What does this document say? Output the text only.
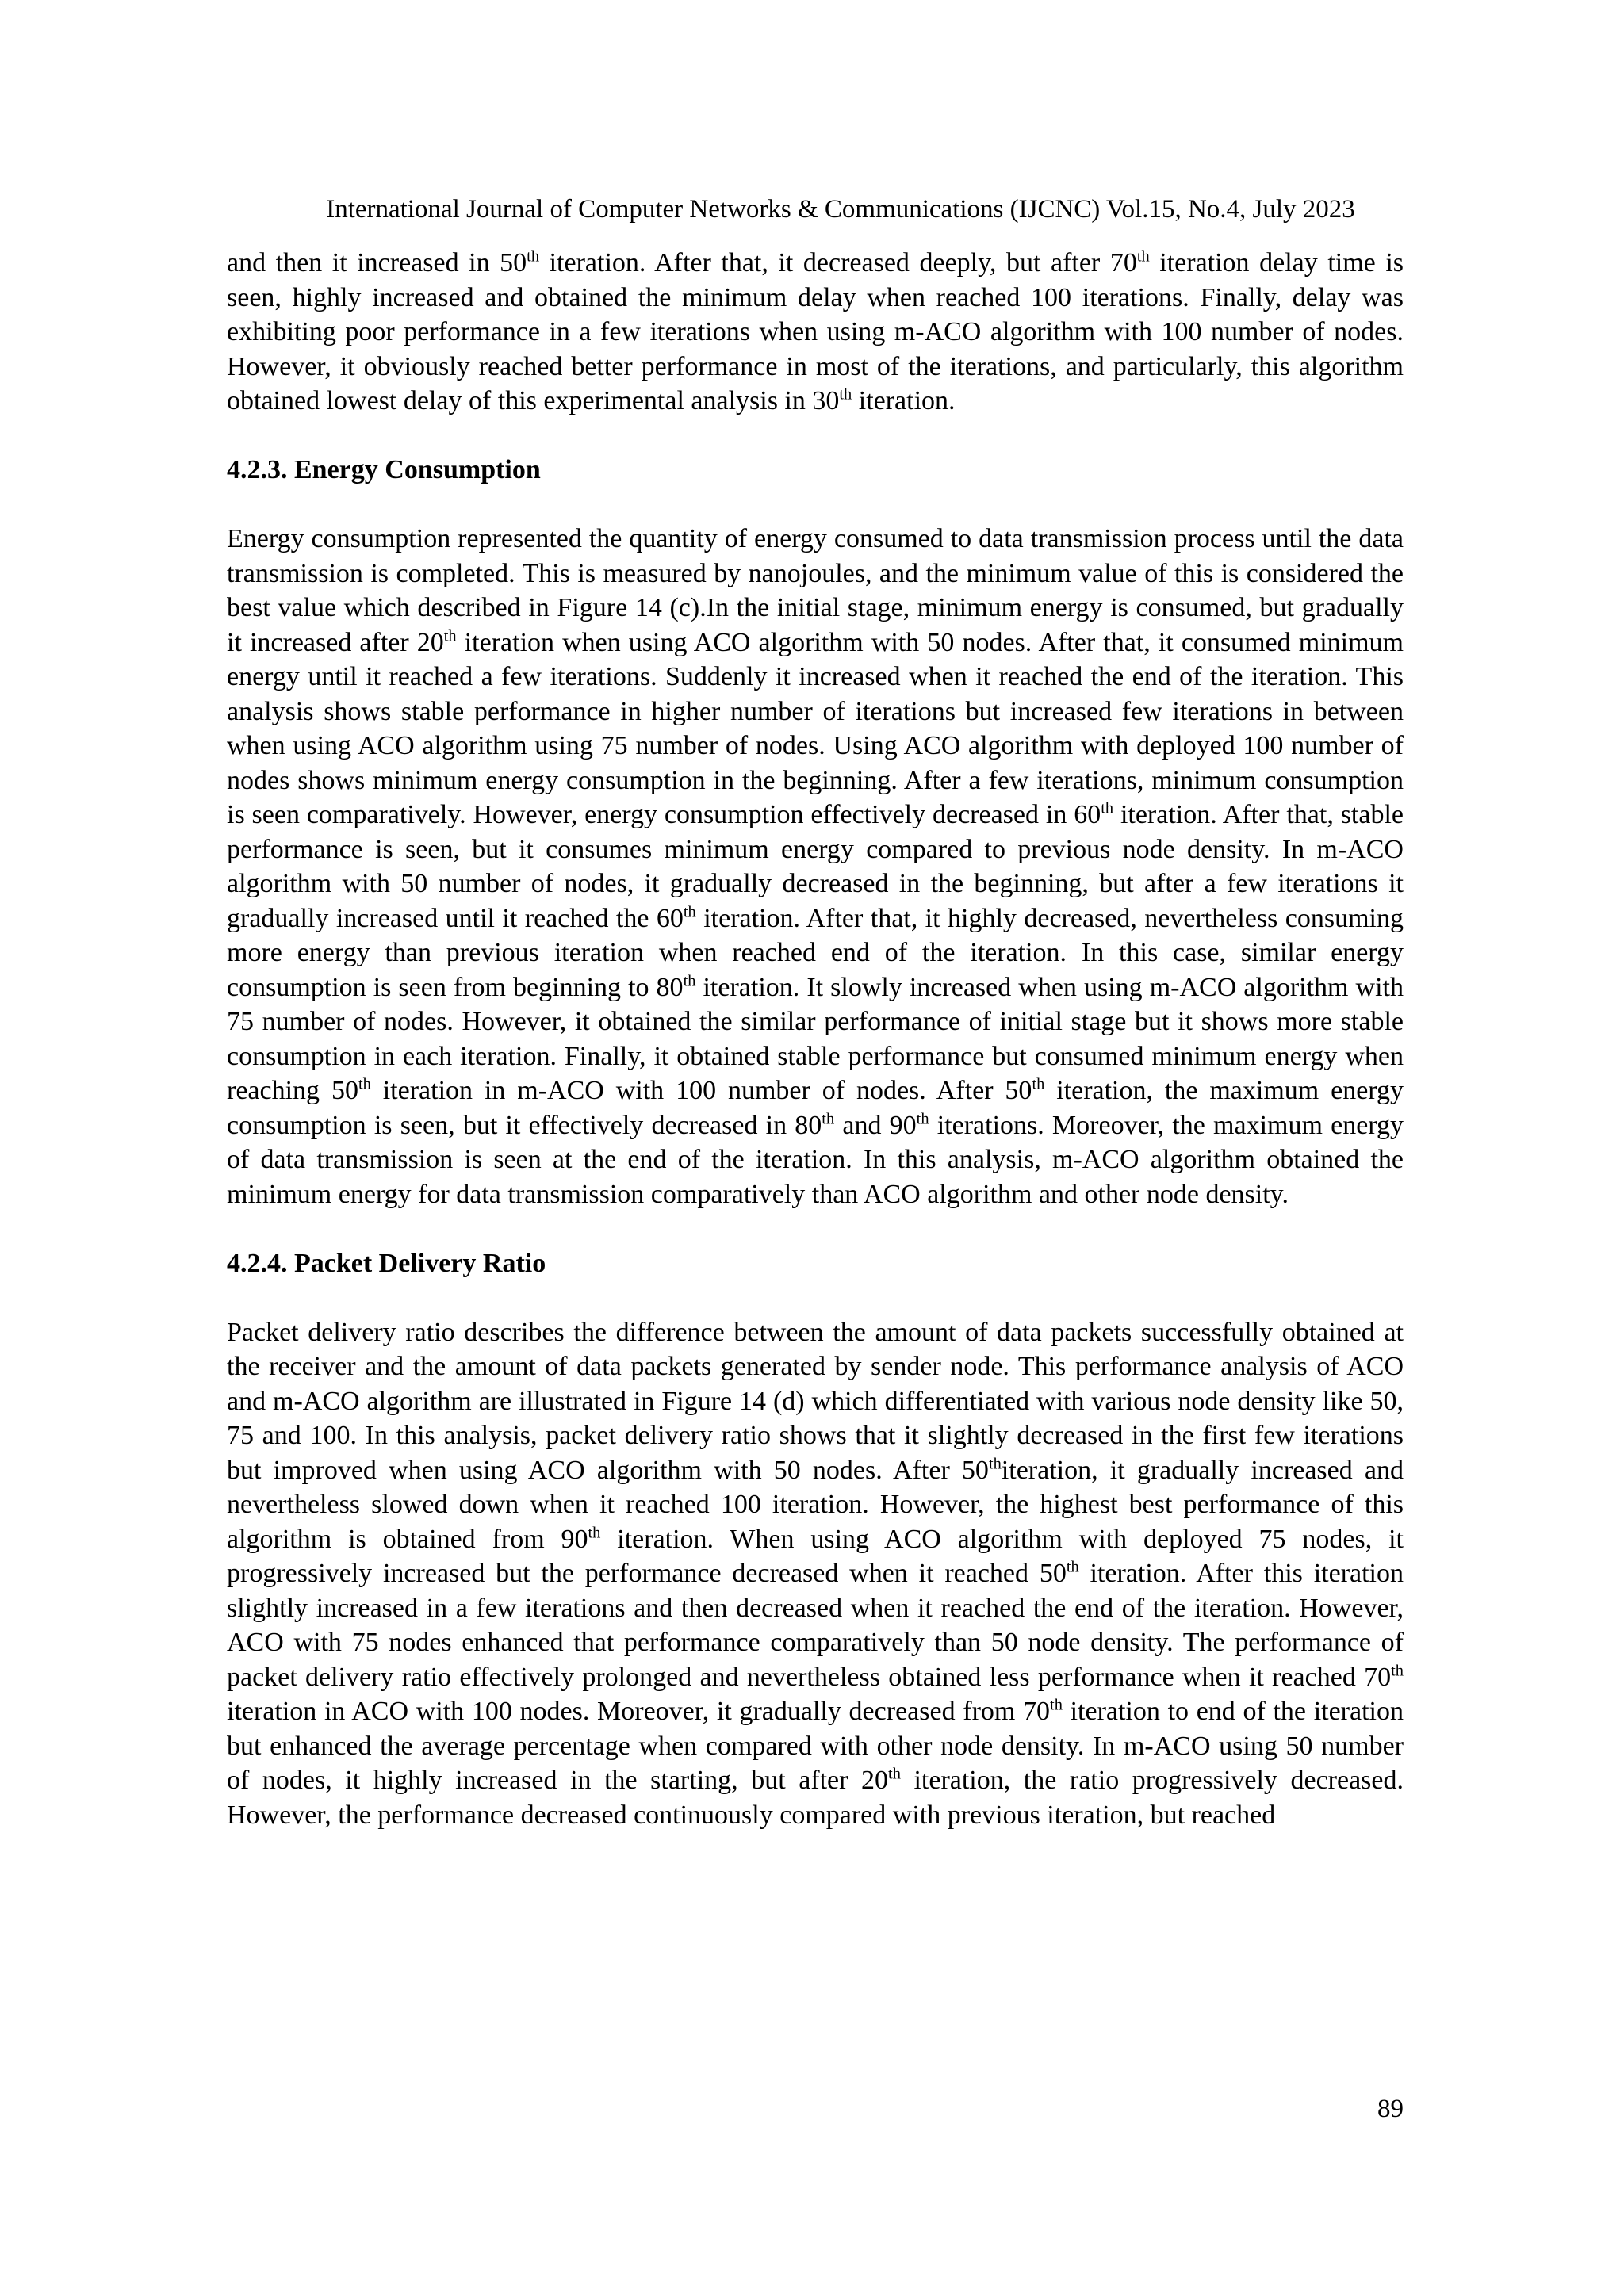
International Journal of Computer Networks & Communications (IJCNC) Vol.15, No.4, July 2023

and then it increased in 50th iteration. After that, it decreased deeply, but after 70th iteration delay time is seen, highly increased and obtained the minimum delay when reached 100 iterations. Finally, delay was exhibiting poor performance in a few iterations when using m-ACO algorithm with 100 number of nodes. However, it obviously reached better performance in most of the iterations, and particularly, this algorithm obtained lowest delay of this experimental analysis in 30th iteration.

4.2.3. Energy Consumption

Energy consumption represented the quantity of energy consumed to data transmission process until the data transmission is completed. This is measured by nanojoules, and the minimum value of this is considered the best value which described in Figure 14 (c).In the initial stage, minimum energy is consumed, but gradually it increased after 20th iteration when using ACO algorithm with 50 nodes. After that, it consumed minimum energy until it reached a few iterations. Suddenly it increased when it reached the end of the iteration. This analysis shows stable performance in higher number of iterations but increased few iterations in between when using ACO algorithm using 75 number of nodes. Using ACO algorithm with deployed 100 number of nodes shows minimum energy consumption in the beginning. After a few iterations, minimum consumption is seen comparatively. However, energy consumption effectively decreased in 60th iteration. After that, stable performance is seen, but it consumes minimum energy compared to previous node density. In m-ACO algorithm with 50 number of nodes, it gradually decreased in the beginning, but after a few iterations it gradually increased until it reached the 60th iteration. After that, it highly decreased, nevertheless consuming more energy than previous iteration when reached end of the iteration. In this case, similar energy consumption is seen from beginning to 80th iteration. It slowly increased when using m-ACO algorithm with 75 number of nodes. However, it obtained the similar performance of initial stage but it shows more stable consumption in each iteration. Finally, it obtained stable performance but consumed minimum energy when reaching 50th iteration in m-ACO with 100 number of nodes. After 50th iteration, the maximum energy consumption is seen, but it effectively decreased in 80th and 90th iterations. Moreover, the maximum energy of data transmission is seen at the end of the iteration. In this analysis, m-ACO algorithm obtained the minimum energy for data transmission comparatively than ACO algorithm and other node density.

4.2.4. Packet Delivery Ratio

Packet delivery ratio describes the difference between the amount of data packets successfully obtained at the receiver and the amount of data packets generated by sender node. This performance analysis of ACO and m-ACO algorithm are illustrated in Figure 14 (d) which differentiated with various node density like 50, 75 and 100. In this analysis, packet delivery ratio shows that it slightly decreased in the first few iterations but improved when using ACO algorithm with 50 nodes. After 50thiteration, it gradually increased and nevertheless slowed down when it reached 100 iteration. However, the highest best performance of this algorithm is obtained from 90th iteration. When using ACO algorithm with deployed 75 nodes, it progressively increased but the performance decreased when it reached 50th iteration. After this iteration slightly increased in a few iterations and then decreased when it reached the end of the iteration. However, ACO with 75 nodes enhanced that performance comparatively than 50 node density. The performance of packet delivery ratio effectively prolonged and nevertheless obtained less performance when it reached 70th iteration in ACO with 100 nodes. Moreover, it gradually decreased from 70th iteration to end of the iteration but enhanced the average percentage when compared with other node density. In m-ACO using 50 number of nodes, it highly increased in the starting, but after 20th iteration, the ratio progressively decreased. However, the performance decreased continuously compared with previous iteration, but reached

89
